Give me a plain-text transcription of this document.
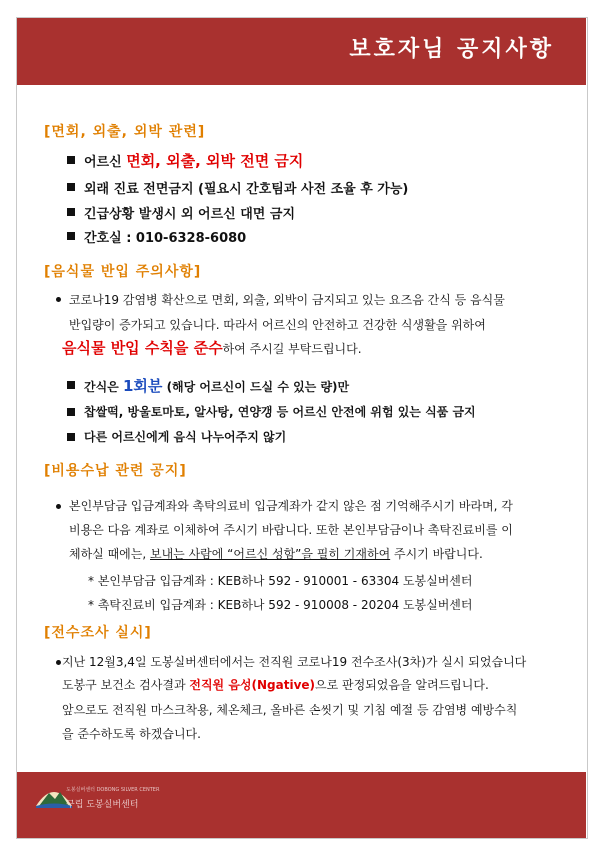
보호자님 공지사항
[면회, 외출, 외박 관련]
어르신 면회, 외출, 외박 전면 금지
외래 진료 전면금지 (필요시 간호팀과 사전 조율 후 가능)
긴급상황 발생시 외 어르신 대면 금지
간호실 : 010-6328-6080
[음식물 반입 주의사항]
코로나19 감염병 확산으로 면회, 외출, 외박이 금지되고 있는 요즈음 간식 등 음식물
반입량이 증가되고 있습니다. 따라서 어르신의 안전하고 건강한 식생활을 위하여
음식물 반입 수칙을 준수하여 주시길 부탁드립니다.
간식은 1회분 (해당 어르신이 드실 수 있는 량)만
찹쌀떡, 방울토마토, 알사탕, 연양갱 등 어르신 안전에 위험 있는 식품 금지
다른 어르신에게 음식 나누어주지 않기
[비용수납 관련 공지]
본인부담금 입금계좌와 촉탁의료비 입금계좌가 같지 않은 점 기억해주시기 바라며, 각
비용은 다음 계좌로 이체하여 주시기 바랍니다. 또한 본인부담금이나 촉탁진료비를 이
체하실 때에는, 보내는 사람에 “어르신 성함”을 필히 기재하여 주시기 바랍니다.
* 본인부담금 입금계좌 : KEB하나 592 - 910001 - 63304 도봉실버센터
* 촉탁진료비 입금계좌 : KEB하나 592 - 910008 - 20204 도봉실버센터
[전수조사 실시]
지난 12월3,4일 도봉실버센터에서는 전직원 코로나19 전수조사(3차)가 실시 되었습니다
도봉구 보건소 검사결과 전직원 음성(Ngative)으로 판정되었음을 알려드립니다.
앞으로도 전직원 마스크착용, 체온체크, 올바른 손씻기 및 기침 예절 등 감염병 예방수칙
을 준수하도록 하겠습니다.
도봉실버센터 DOBONG SILVER CENTER
구립 도봉실버센터
